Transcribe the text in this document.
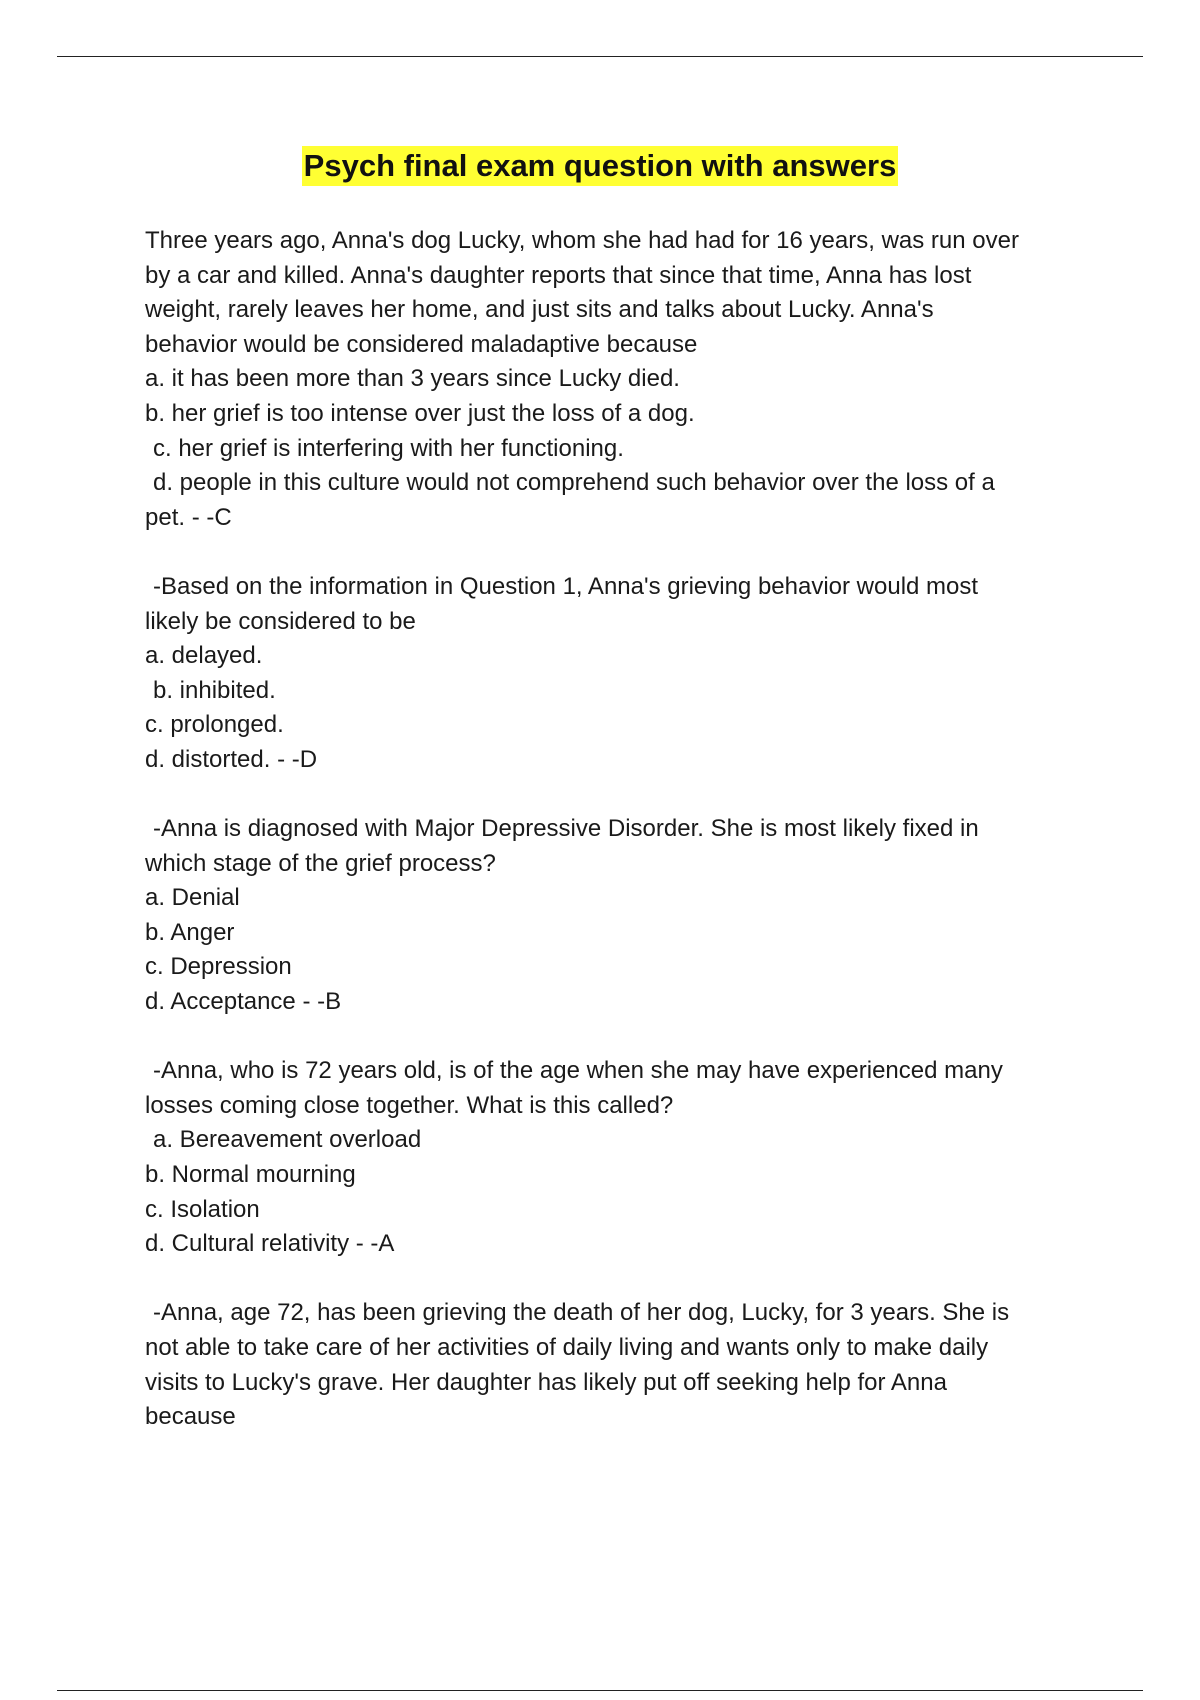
Psych final exam question with answers
Three years ago, Anna's dog Lucky, whom she had had for 16 years, was run over
by a car and killed. Anna's daughter reports that since that time, Anna has lost
weight, rarely leaves her home, and just sits and talks about Lucky. Anna's
behavior would be considered maladaptive because
a. it has been more than 3 years since Lucky died.
b. her grief is too intense over just the loss of a dog.
c. her grief is interfering with her functioning.
d. people in this culture would not comprehend such behavior over the loss of a
pet. - -C
-Based on the information in Question 1, Anna's grieving behavior would most
likely be considered to be
a. delayed.
b. inhibited.
c. prolonged.
d. distorted. - -D
-Anna is diagnosed with Major Depressive Disorder. She is most likely fixed in
which stage of the grief process?
a. Denial
b. Anger
c. Depression
d. Acceptance - -B
-Anna, who is 72 years old, is of the age when she may have experienced many
losses coming close together. What is this called?
a. Bereavement overload
b. Normal mourning
c. Isolation
d. Cultural relativity - -A
-Anna, age 72, has been grieving the death of her dog, Lucky, for 3 years. She is
not able to take care of her activities of daily living and wants only to make daily
visits to Lucky's grave. Her daughter has likely put off seeking help for Anna
because
